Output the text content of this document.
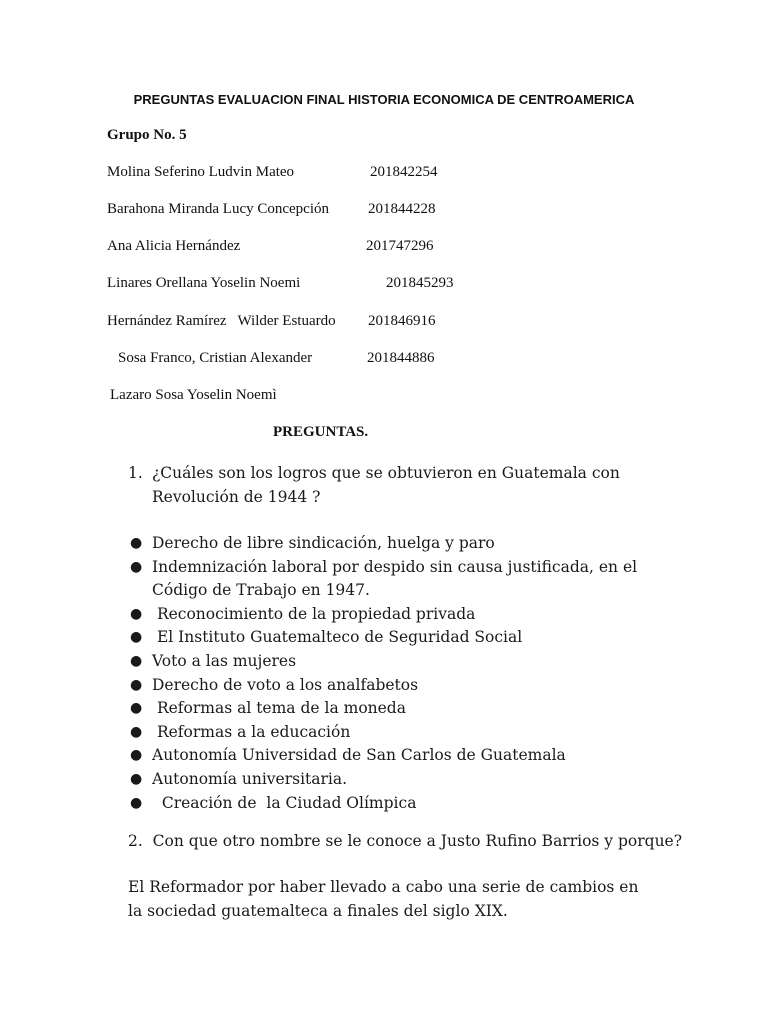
PREGUNTAS EVALUACION FINAL HISTORIA ECONOMICA DE CENTROAMERICA
Grupo No. 5
Molina Seferino Ludvin Mateo	201842254
Barahona Miranda Lucy Concepción	201844228
Ana Alicia Hernández	201747296
Linares Orellana Yoselin Noemi	201845293
Hernández Ramírez   Wilder Estuardo 201846916
Sosa Franco, Cristian Alexander	201844886
Lazaro Sosa Yoselin Noemì
PREGUNTAS.
1. ¿Cuáles son los logros que se obtuvieron en Guatemala con Revolución de 1944 ?
● Derecho de libre sindicación, huelga y paro
● Indemnización laboral por despido sin causa justificada, en el Código de Trabajo en 1947.
● Reconocimiento de la propiedad privada
● El Instituto Guatemalteco de Seguridad Social
● Voto a las mujeres
● Derecho de voto a los analfabetos
● Reformas al tema de la moneda
● Reformas a la educación
● Autonomía Universidad de San Carlos de Guatemala
● Autonomía universitaria.
● Creación de  la Ciudad Olímpica
2.  Con que otro nombre se le conoce a Justo Rufino Barrios y porque?
El Reformador por haber llevado a cabo una serie de cambios en la sociedad guatemalteca a finales del siglo XIX.
